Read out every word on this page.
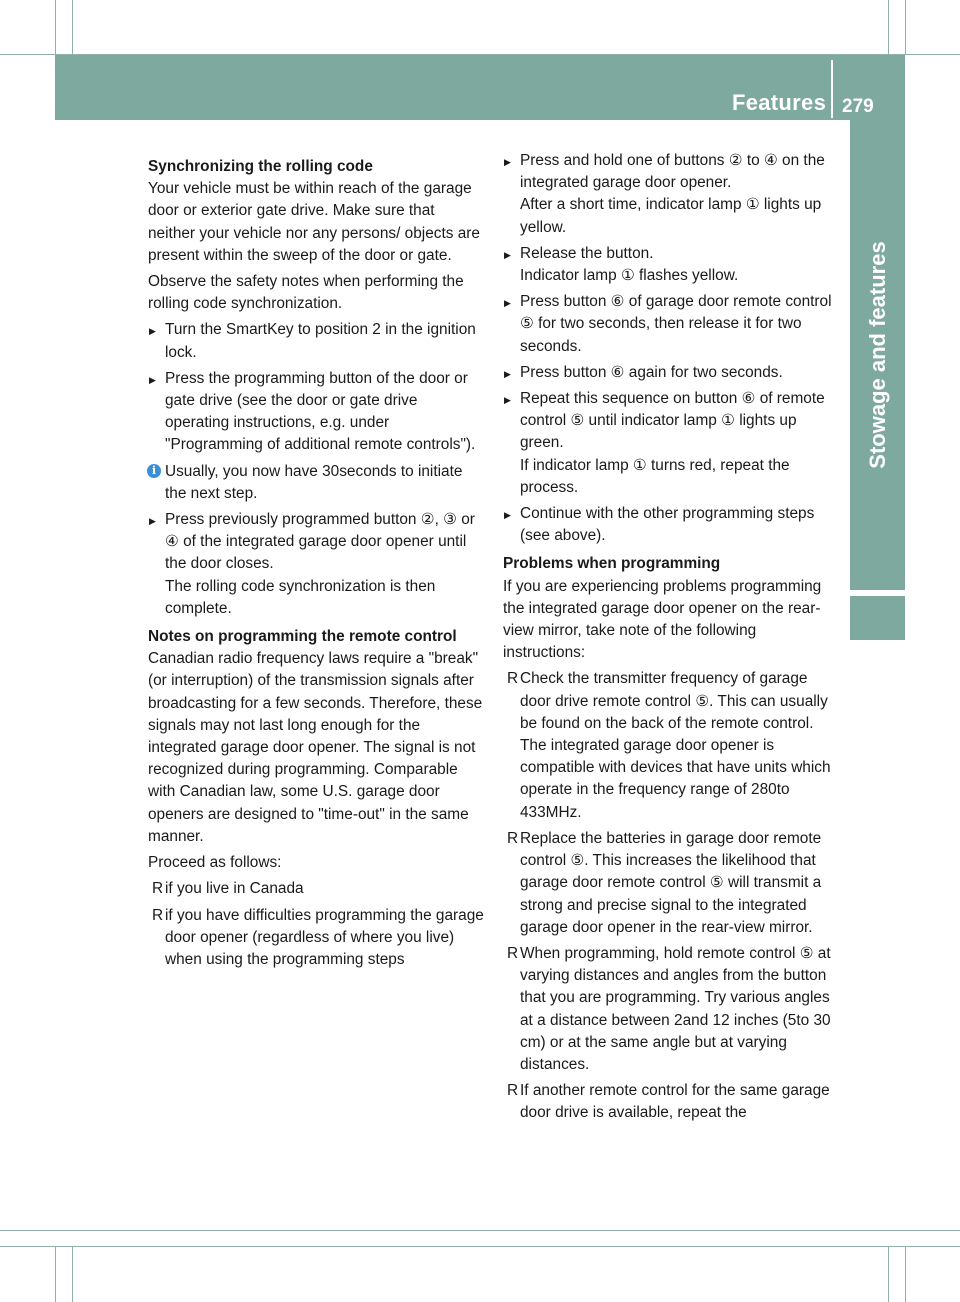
Features 279
Stowage and features
Synchronizing the rolling code

Your vehicle must be within reach of the garage door or exterior gate drive. Make sure that neither your vehicle nor any persons/ objects are present within the sweep of the door or gate.

Observe the safety notes when performing the rolling code synchronization.

▶ Turn the SmartKey to position 2 in the ignition lock.
▶ Press the programming button of the door or gate drive (see the door or gate drive operating instructions, e.g. under "Programming of additional remote controls").
i Usually, you now have 30seconds to initiate the next step.
▶ Press previously programmed button ②, ③ or ④ of the integrated garage door opener until the door closes.
The rolling code synchronization is then complete.
Notes on programming the remote control

Canadian radio frequency laws require a "break" (or interruption) of the transmission signals after broadcasting for a few seconds. Therefore, these signals may not last long enough for the integrated garage door opener. The signal is not recognized during programming. Comparable with Canadian law, some U.S. garage door openers are designed to "time-out" in the same manner.

Proceed as follows:

R if you live in Canada
R if you have difficulties programming the garage door opener (regardless of where you live) when using the programming steps
▶ Press and hold one of buttons ② to ④ on the integrated garage door opener.
After a short time, indicator lamp ① lights up yellow.
▶ Release the button.
Indicator lamp ① flashes yellow.
▶ Press button ⑥ of garage door remote control ⑤ for two seconds, then release it for two seconds.
▶ Press button ⑥ again for two seconds.
▶ Repeat this sequence on button ⑥ of remote control ⑤ until indicator lamp ① lights up green.
If indicator lamp ① turns red, repeat the process.
▶ Continue with the other programming steps (see above).
Problems when programming

If you are experiencing problems programming the integrated garage door opener on the rear-view mirror, take note of the following instructions:

R Check the transmitter frequency of garage door drive remote control ⑤. This can usually be found on the back of the remote control.
The integrated garage door opener is compatible with devices that have units which operate in the frequency range of 280to 433MHz.
R Replace the batteries in garage door remote control ⑤. This increases the likelihood that garage door remote control ⑤ will transmit a strong and precise signal to the integrated garage door opener in the rear-view mirror.
R When programming, hold remote control ⑤ at varying distances and angles from the button that you are programming. Try various angles at a distance between 2and 12 inches (5to 30 cm) or at the same angle but at varying distances.
R If another remote control for the same garage door drive is available, repeat the
